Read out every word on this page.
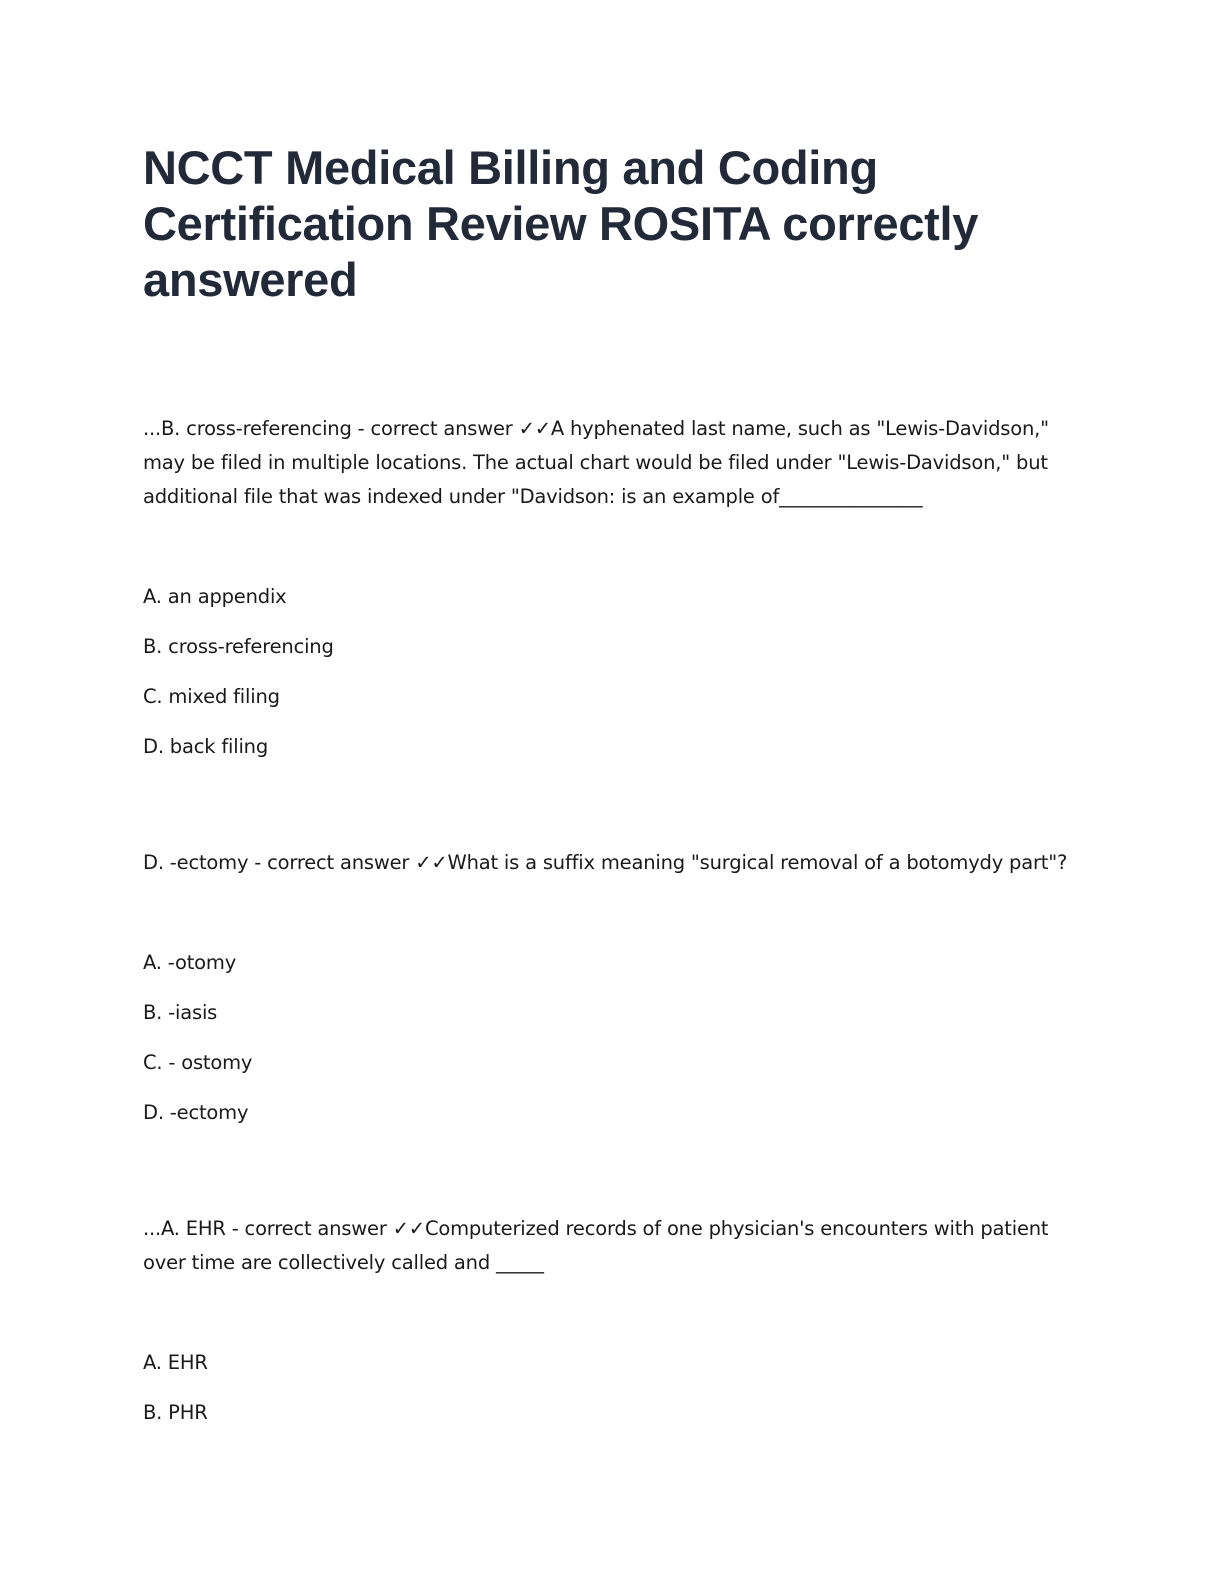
NCCT Medical Billing and Coding Certification Review ROSITA correctly answered
...B. cross-referencing - correct answer ✓✓A hyphenated last name, such as "Lewis-Davidson," may be filed in multiple locations. The actual chart would be filed under "Lewis-Davidson," but additional file that was indexed under "Davidson: is an example of_______________
A. an appendix
B. cross-referencing
C. mixed filing
D. back filing
D. -ectomy - correct answer ✓✓What is a suffix meaning "surgical removal of a botomydy part"?
A. -otomy
B. -iasis
C. - ostomy
D. -ectomy
...A. EHR - correct answer ✓✓Computerized records of one physician's encounters with patient over time are collectively called and _____
A. EHR
B. PHR
